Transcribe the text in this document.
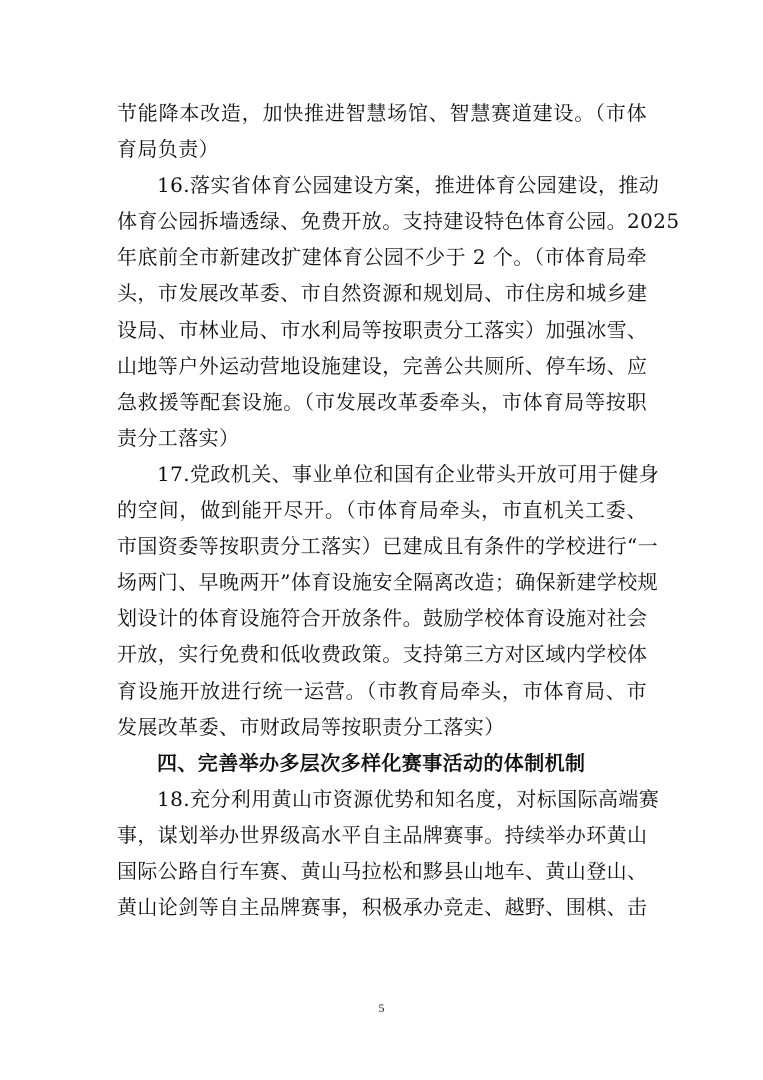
节能降本改造，加快推进智慧场馆、智慧赛道建设。（市体
育局负责）
16.落实省体育公园建设方案，推进体育公园建设，推动
体育公园拆墙透绿、免费开放。支持建设特色体育公园。2025
年底前全市新建改扩建体育公园不少于 2 个。（市体育局牵
头，市发展改革委、市自然资源和规划局、市住房和城乡建
设局、市林业局、市水利局等按职责分工落实）加强冰雪、
山地等户外运动营地设施建设，完善公共厕所、停车场、应
急救援等配套设施。（市发展改革委牵头，市体育局等按职
责分工落实）
17.党政机关、事业单位和国有企业带头开放可用于健身
的空间，做到能开尽开。（市体育局牵头，市直机关工委、
市国资委等按职责分工落实）已建成且有条件的学校进行“一
场两门、早晚两开”体育设施安全隔离改造；确保新建学校规
划设计的体育设施符合开放条件。鼓励学校体育设施对社会
开放，实行免费和低收费政策。支持第三方对区域内学校体
育设施开放进行统一运营。（市教育局牵头，市体育局、市
发展改革委、市财政局等按职责分工落实）
四、完善举办多层次多样化赛事活动的体制机制
18.充分利用黄山市资源优势和知名度，对标国际高端赛
事，谋划举办世界级高水平自主品牌赛事。持续举办环黄山
国际公路自行车赛、黄山马拉松和黟县山地车、黄山登山、
黄山论剑等自主品牌赛事，积极承办竞走、越野、围棋、击
5
